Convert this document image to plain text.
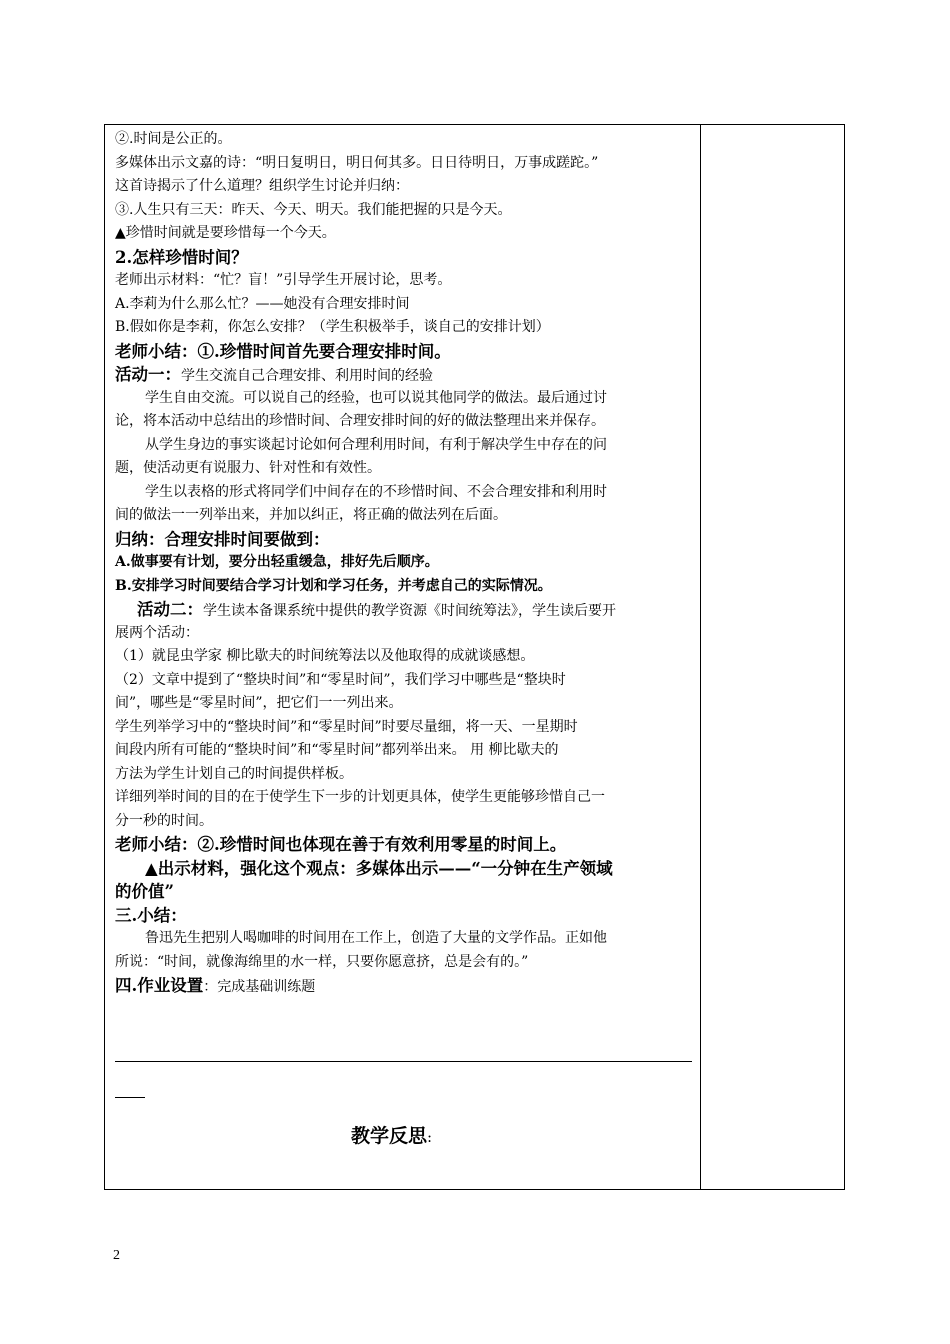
②.时间是公正的。
多媒体出示文嘉的诗：“明日复明日，明日何其多。日日待明日，万事成蹉跎。”
这首诗揭示了什么道理？组织学生讨论并归纳：
③.人生只有三天：昨天、今天、明天。我们能把握的只是今天。
▲珍惜时间就是要珍惜每一个今天。
2.怎样珍惜时间？
老师出示材料：“忙？盲！”引导学生开展讨论，思考。
A.李莉为什么那么忙？——她没有合理安排时间
B.假如你是李莉，你怎么安排？（学生积极举手，谈自己的安排计划）
老师小结：①.珍惜时间首先要合理安排时间。
活动一：学生交流自己合理安排、利用时间的经验
学生自由交流。可以说自己的经验，也可以说其他同学的做法。最后通过讨
论，将本活动中总结出的珍惜时间、合理安排时间的好的做法整理出来并保存。
从学生身边的事实谈起讨论如何合理利用时间，有利于解决学生中存在的问
题，使活动更有说服力、针对性和有效性。
学生以表格的形式将同学们中间存在的不珍惜时间、不会合理安排和利用时
间的做法一一列举出来，并加以纠正，将正确的做法列在后面。
归纳：合理安排时间要做到：
A.做事要有计划，要分出轻重缓急，排好先后顺序。
B.安排学习时间要结合学习计划和学习任务，并考虑自己的实际情况。
活动二：学生读本备课系统中提供的教学资源《时间统筹法》，学生读后要开
展两个活动：
（1）就昆虫学家 柳比歇夫的时间统筹法以及他取得的成就谈感想。
（2）文章中提到了“整块时间”和“零星时间”，我们学习中哪些是“整块时
间”，哪些是“零星时间”，把它们一一列出来。
学生列举学习中的“整块时间”和“零星时间”时要尽量细，将一天、一星期时
间段内所有可能的“整块时间”和“零星时间”都列举出来。 用 柳比歇夫的
方法为学生计划自己的时间提供样板。
详细列举时间的目的在于使学生下一步的计划更具体，使学生更能够珍惜自己一
分一秒的时间。
老师小结：②.珍惜时间也体现在善于有效利用零星的时间上。
▲出示材料，强化这个观点：多媒体出示——“一分钟在生产领域
的价值”
三.小结：
鲁迅先生把别人喝咖啡的时间用在工作上，创造了大量的文学作品。正如他
所说：“时间，就像海绵里的水一样，只要你愿意挤，总是会有的。”
四.作业设置：完成基础训练题
教学反思:
2
